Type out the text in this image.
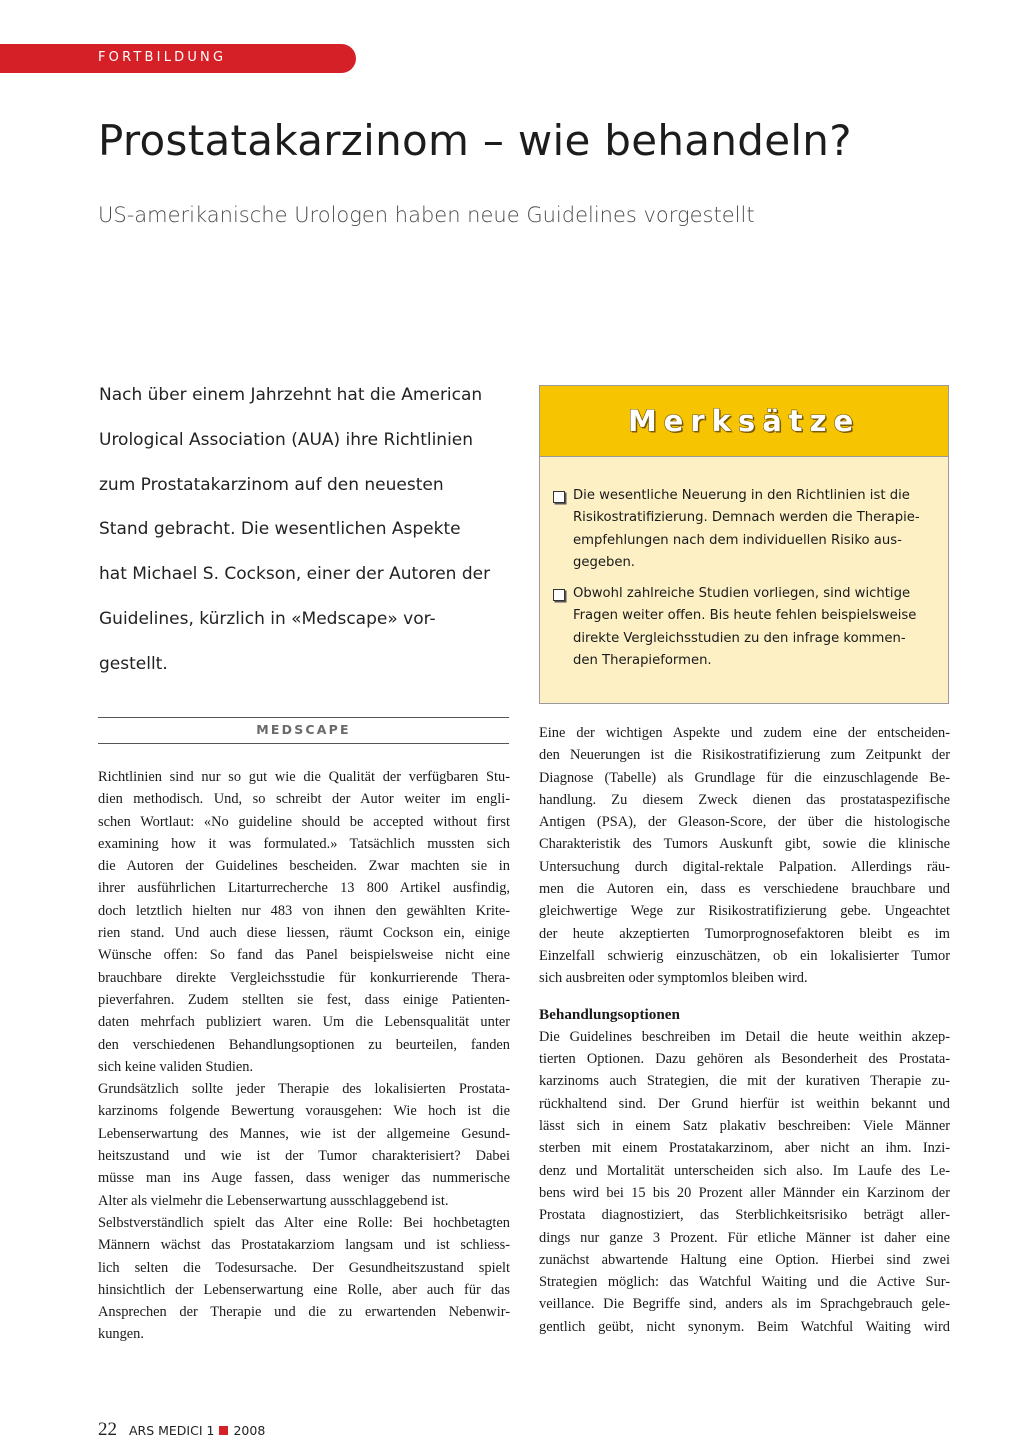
FORTBILDUNG
Prostatakarzinom – wie behandeln?
US-amerikanische Urologen haben neue Guidelines vorgestellt
Nach über einem Jahrzehnt hat die American
Urological Association (AUA) ihre Richtlinien
zum Prostatakarzinom auf den neuesten
Stand gebracht. Die wesentlichen Aspekte
hat Michael S. Cockson, einer der Autoren der
Guidelines, kürzlich in «Medscape» vor-
gestellt.
Merksätze
Die wesentliche Neuerung in den Richtlinien ist die
Risikostratifizierung. Demnach werden die Therapie-
empfehlungen nach dem individuellen Risiko aus-
gegeben.
Obwohl zahlreiche Studien vorliegen, sind wichtige
Fragen weiter offen. Bis heute fehlen beispielsweise
direkte Vergleichsstudien zu den infrage kommen-
den Therapieformen.
MEDSCAPE
Richtlinien sind nur so gut wie die Qualität der verfügbaren Stu-
dien methodisch. Und, so schreibt der Autor weiter im engli-
schen Wortlaut: «No guideline should be accepted without first
examining how it was formulated.» Tatsächlich mussten sich
die Autoren der Guidelines bescheiden. Zwar machten sie in
ihrer ausführlichen Litarturrecherche 13 800 Artikel ausfindig,
doch letztlich hielten nur 483 von ihnen den gewählten Krite-
rien stand. Und auch diese liessen, räumt Cockson ein, einige
Wünsche offen: So fand das Panel beispielsweise nicht eine
brauchbare direkte Vergleichsstudie für konkurrierende Thera-
pieverfahren. Zudem stellten sie fest, dass einige Patienten-
daten mehrfach publiziert waren. Um die Lebensqualität unter
den verschiedenen Behandlungsoptionen zu beurteilen, fanden
sich keine validen Studien.
Grundsätzlich sollte jeder Therapie des lokalisierten Prostata-
karzinoms folgende Bewertung vorausgehen: Wie hoch ist die
Lebenserwartung des Mannes, wie ist der allgemeine Gesund-
heitszustand und wie ist der Tumor charakterisiert? Dabei
müsse man ins Auge fassen, dass weniger das nummerische
Alter als vielmehr die Lebenserwartung ausschlaggebend ist.
Selbstverständlich spielt das Alter eine Rolle: Bei hochbetagten
Männern wächst das Prostatakarziom langsam und ist schliess-
lich selten die Todesursache. Der Gesundheitszustand spielt
hinsichtlich der Lebenserwartung eine Rolle, aber auch für das
Ansprechen der Therapie und die zu erwartenden Nebenwir-
kungen.
Eine der wichtigen Aspekte und zudem eine der entscheiden-
den Neuerungen ist die Risikostratifizierung zum Zeitpunkt der
Diagnose (Tabelle) als Grundlage für die einzuschlagende Be-
handlung. Zu diesem Zweck dienen das prostataspezifische
Antigen (PSA), der Gleason-Score, der über die histologische
Charakteristik des Tumors Auskunft gibt, sowie die klinische
Untersuchung durch digital-rektale Palpation. Allerdings räu-
men die Autoren ein, dass es verschiedene brauchbare und
gleichwertige Wege zur Risikostratifizierung gebe. Ungeachtet
der heute akzeptierten Tumorprognosefaktoren bleibt es im
Einzelfall schwierig einzuschätzen, ob ein lokalisierter Tumor
sich ausbreiten oder symptomlos bleiben wird.
Behandlungsoptionen
Die Guidelines beschreiben im Detail die heute weithin akzep-
tierten Optionen. Dazu gehören als Besonderheit des Prostata-
karzinoms auch Strategien, die mit der kurativen Therapie zu-
rückhaltend sind. Der Grund hierfür ist weithin bekannt und
lässt sich in einem Satz plakativ beschreiben: Viele Männer
sterben mit einem Prostatakarzinom, aber nicht an ihm. Inzi-
denz und Mortalität unterscheiden sich also. Im Laufe des Le-
bens wird bei 15 bis 20 Prozent aller Männder ein Karzinom der
Prostata diagnostiziert, das Sterblichkeitsrisiko beträgt aller-
dings nur ganze 3 Prozent. Für etliche Männer ist daher eine
zunächst abwartende Haltung eine Option. Hierbei sind zwei
Strategien möglich: das Watchful Waiting und die Active Sur-
veillance. Die Begriffe sind, anders als im Sprachgebrauch gele-
gentlich geübt, nicht synonym. Beim Watchful Waiting wird
22 ARS MEDICI 1 2008
